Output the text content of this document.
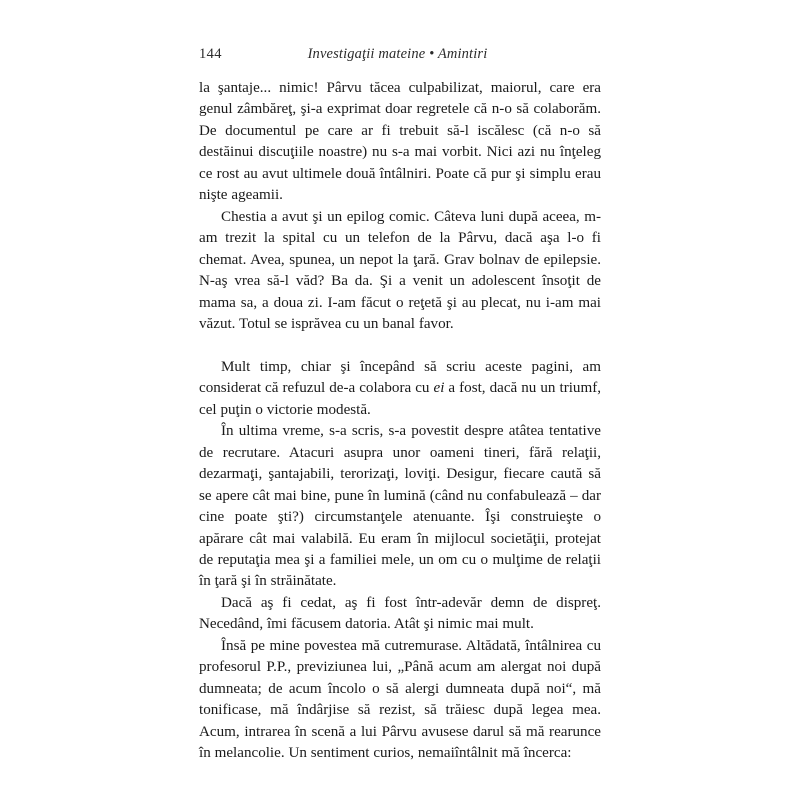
144	Investigaţii mateine • Amintiri

la şantaje... nimic! Pârvu tăcea culpabilizat, maiorul, care era genul zâmbăreţ, şi-a exprimat doar regretele că n-o să colaborăm. De documentul pe care ar fi trebuit să-l iscălesc (că n-o să destăinui discuţiile noastre) nu s-a mai vorbit. Nici azi nu înţeleg ce rost au avut ultimele două întâlniri. Poate că pur şi simplu erau nişte ageamii.

Chestia a avut şi un epilog comic. Câteva luni după aceea, m-am trezit la spital cu un telefon de la Pârvu, dacă aşa l-o fi chemat. Avea, spunea, un nepot la ţară. Grav bolnav de epilepsie. N-aş vrea să-l văd? Ba da. Şi a venit un adolescent însoţit de mama sa, a doua zi. I-am făcut o reţetă şi au plecat, nu i-am mai văzut. Totul se isprăvea cu un banal favor.

Mult timp, chiar şi începând să scriu aceste pagini, am considerat că refuzul de-a colabora cu ei a fost, dacă nu un triumf, cel puţin o victorie modestă.

În ultima vreme, s-a scris, s-a povestit despre atâtea tentative de recrutare. Atacuri asupra unor oameni tineri, fără relaţii, dezarmaţi, şantajabili, terorizaţi, loviţi. Desigur, fiecare caută să se apere cât mai bine, pune în lumină (când nu confabulează – dar cine poate şti?) circumstanţele atenuante. Îşi construieşte o apărare cât mai valabilă. Eu eram în mijlocul societăţii, protejat de reputaţia mea şi a familiei mele, un om cu o mulţime de relaţii în ţară şi în străinătate.

Dacă aş fi cedat, aş fi fost într-adevăr demn de dispreţ. Necedând, îmi făcusem datoria. Atât şi nimic mai mult.

Însă pe mine povestea mă cutremurase. Altădată, întâlnirea cu profesorul P.P., previziunea lui, „Până acum am alergat noi după dumneata; de acum încolo o să alergi dumneata după noi“, mă tonificase, mă îndârjise să rezist, să trăiesc după legea mea. Acum, intrarea în scenă a lui Pârvu avusese darul să mă rearunce în melancolie. Un sentiment curios, nemaiîntâlnit mă încerca:
